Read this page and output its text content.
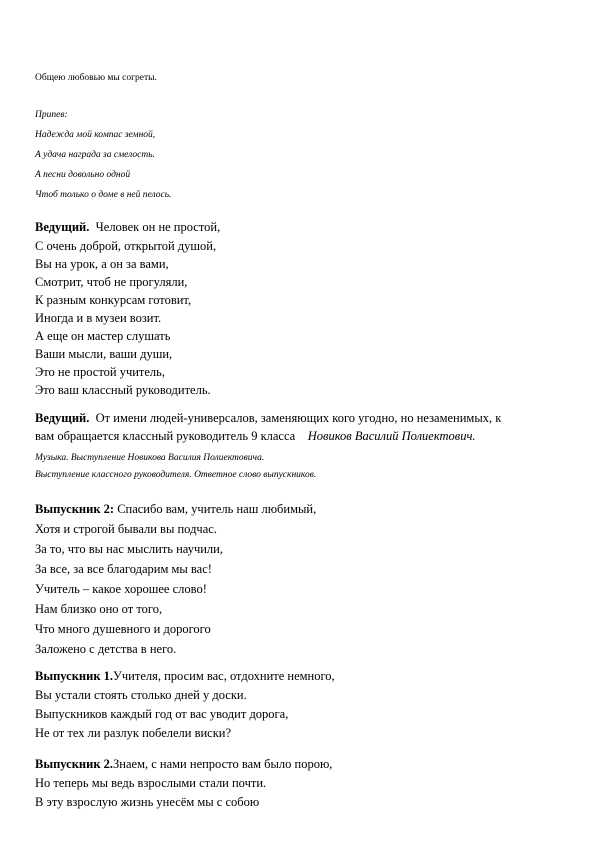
Общею любовью мы согреты.
Припев:
Надежда мой компас земной,
А удача награда за смелость.
А песни довольно одной
Чтоб только о доме в ней пелось.
Ведущий. Человек он не простой,
С очень доброй, открытой душой,
Вы на урок, а он за вами,
Смотрит, чтоб не прогуляли,
К разным конкурсам готовит,
Иногда и в музеи возит.
А еще он мастер слушать
Ваши мысли, ваши души,
Это не простой учитель,
Это ваш классный руководитель.
Ведущий. От имени людей-универсалов, заменяющих кого угодно, но незаменимых, к
вам обращается классный руководитель 9 класса Новиков Василий Полиектович.
Музыка. Выступление Новикова Василия Полиектовича.
Выступление классного руководителя. Ответное слово выпускников.
Выпускник 2: Спасибо вам, учитель наш любимый,
Хотя и строгой бывали вы подчас.
За то, что вы нас мыслить научили,
За все, за все благодарим мы вас!
Учитель – какое хорошее слово!
Нам близко оно от того,
Что много душевного и дорогого
Заложено с детства в него.
Выпускник 1.Учителя, просим вас, отдохните немного,
Вы устали стоять столько дней у доски.
Выпускников каждый год от вас уводит дорога,
Не от тех ли разлук побелели виски?
Выпускник 2.Знаем, с нами непросто вам было порою,
Но теперь мы ведь взрослыми стали почти.
В эту взрослую жизнь унесём мы с собою
